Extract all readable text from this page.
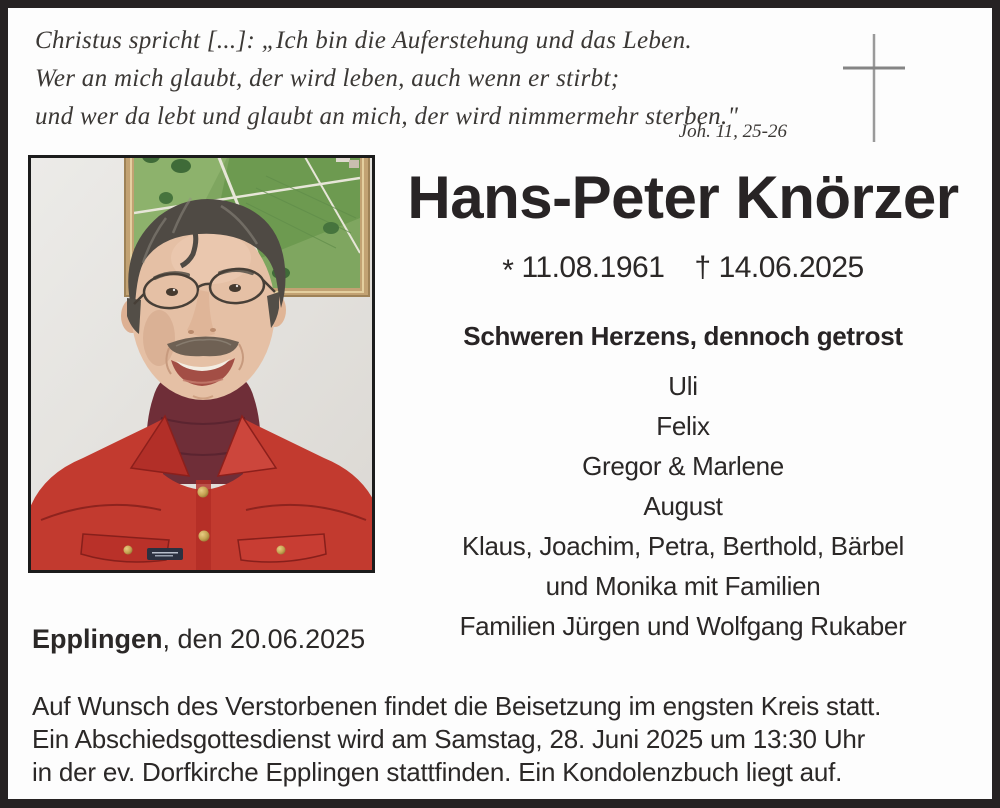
Christus spricht [...]: „Ich bin die Auferstehung und das Leben.
Wer an mich glaubt, der wird leben, auch wenn er stirbt;
und wer da lebt und glaubt an mich, der wird nimmermehr sterben."
Joh. 11, 25-26
Hans-Peter Knörzer
* 11.08.1961 † 14.06.2025
Schweren Herzens, dennoch getrost
Uli
Felix
Gregor & Marlene
August
Klaus, Joachim, Petra, Berthold, Bärbel
und Monika mit Familien
Familien Jürgen und Wolfgang Rukaber
Epplingen, den 20.06.2025
Auf Wunsch des Verstorbenen findet die Beisetzung im engsten Kreis statt.
Ein Abschiedsgottesdienst wird am Samstag, 28. Juni 2025 um 13:30 Uhr
in der ev. Dorfkirche Epplingen stattfinden. Ein Kondolenzbuch liegt auf.
